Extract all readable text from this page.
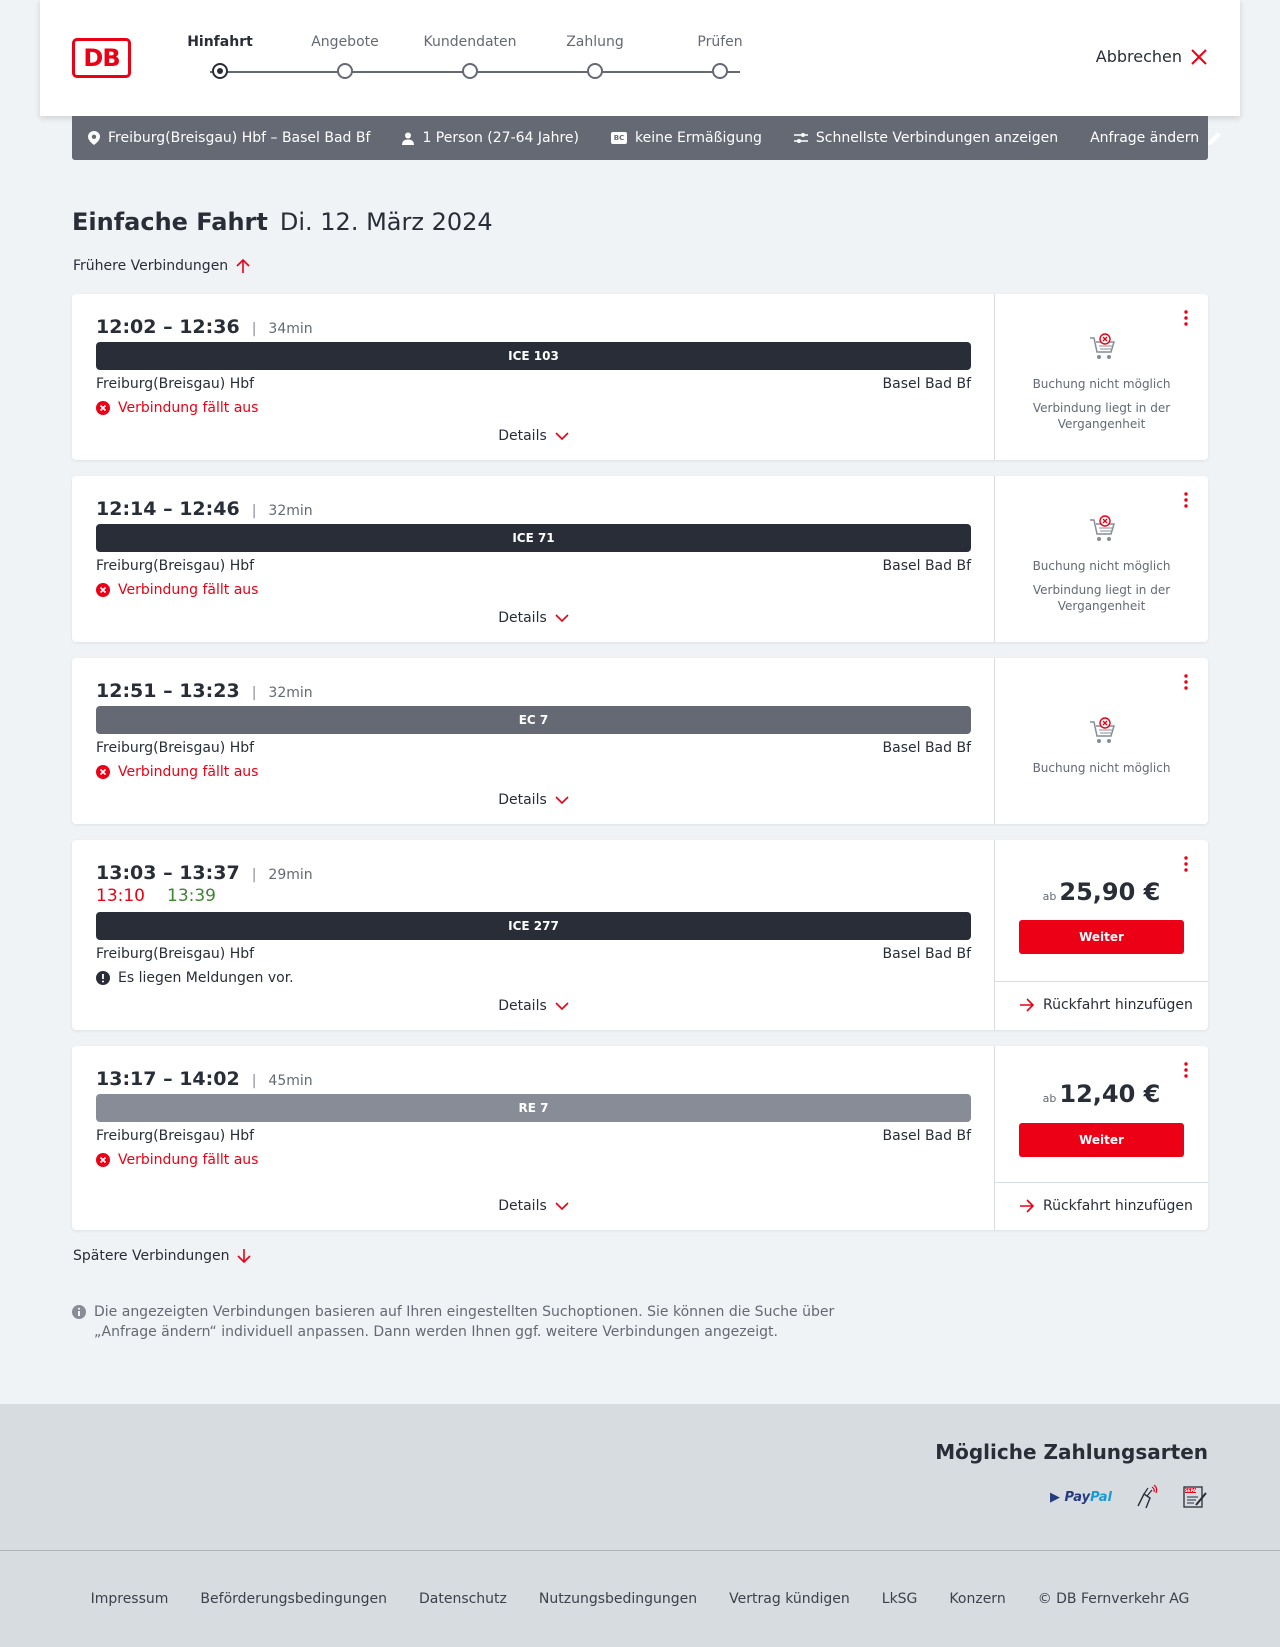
DB
Hinfahrt	Angebote	Kundendaten	Zahlung	Prüfen
Abbrechen
Freiburg(Breisgau) Hbf – Basel Bad Bf	1 Person (27-64 Jahre)	BC keine Ermäßigung	Schnellste Verbindungen anzeigen Anfrage ändern
Einfache Fahrt Di. 12. März 2024
Frühere Verbindungen
12:02 – 12:36 | 34min
ICE 103
Freiburg(Breisgau) Hbf	Basel Bad Bf
Verbindung fällt aus
Details
Buchung nicht möglich
Verbindung liegt in der Vergangenheit
12:14 – 12:46 | 32min
ICE 71
Freiburg(Breisgau) Hbf	Basel Bad Bf
Verbindung fällt aus
Details
Buchung nicht möglich
Verbindung liegt in der Vergangenheit
12:51 – 13:23 | 32min
EC 7
Freiburg(Breisgau) Hbf	Basel Bad Bf
Verbindung fällt aus
Details
Buchung nicht möglich
13:03 – 13:37 | 29min
13:10 13:39
ICE 277
Freiburg(Breisgau) Hbf	Basel Bad Bf
Es liegen Meldungen vor.
Details
ab 25,90 €
Weiter
Rückfahrt hinzufügen
13:17 – 14:02 | 45min
RE 7
Freiburg(Breisgau) Hbf	Basel Bad Bf
Verbindung fällt aus
Details
ab 12,40 €
Weiter
Rückfahrt hinzufügen
Spätere Verbindungen
Die angezeigten Verbindungen basieren auf Ihren eingestellten Suchoptionen. Sie können die Suche über „Anfrage ändern“ individuell anpassen. Dann werden Ihnen ggf. weitere Verbindungen angezeigt.
Mögliche Zahlungsarten
▶ PayPal	SEPA
Impressum Beförderungsbedingungen Datenschutz Nutzungsbedingungen Vertrag kündigen LkSG Konzern © DB Fernverkehr AG
